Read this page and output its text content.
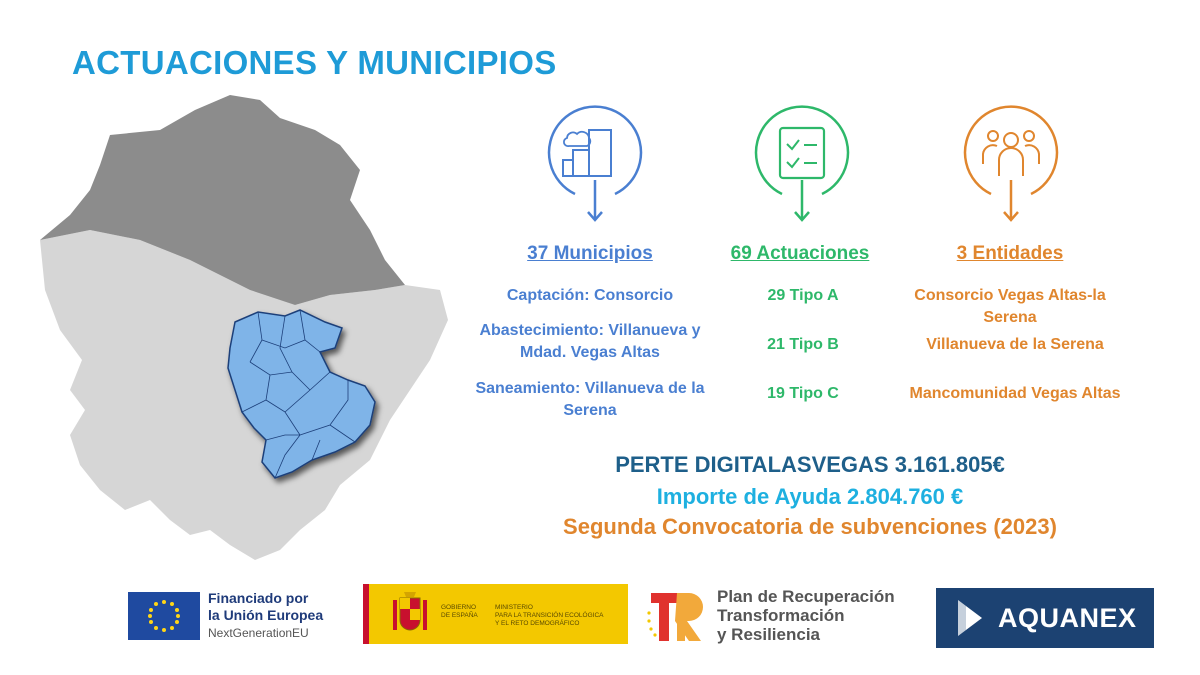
ACTUACIONES Y MUNICIPIOS
37 Municipios
Captación: Consorcio
Abastecimiento: Villanueva y Mdad. Vegas Altas
Saneamiento: Villanueva de la Serena
69 Actuaciones
29 Tipo A
21 Tipo B
19 Tipo C
3 Entidades
Consorcio Vegas Altas-la Serena
Villanueva de la Serena
Mancomunidad Vegas Altas
PERTE DIGITALASVEGAS 3.161.805€
Importe de Ayuda 2.804.760 €
Segunda Convocatoria de subvenciones (2023)
Financiado por
la Unión Europea
NextGenerationEU
GOBIERNO
DE ESPAÑA
MINISTERIO
PARA LA TRANSICIÓN ECOLÓGICA
Y EL RETO DEMOGRÁFICO
Plan de Recuperación
Transformación
y Resiliencia
AQUANEX
